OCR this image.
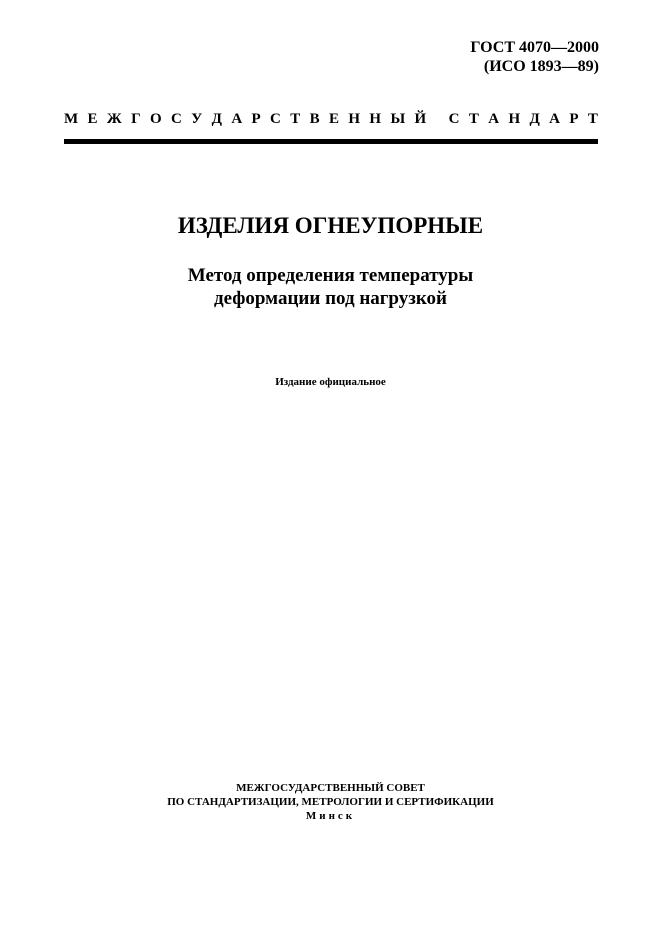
ГОСТ 4070—2000
(ИСО 1893—89)
М Е Ж Г О С У Д А Р С Т В Е Н Н Ы Й
С Т А Н Д А Р Т
ИЗДЕЛИЯ ОГНЕУПОРНЫЕ
Метод определения температуры
деформации под нагрузкой
Издание официальное
МЕЖГОСУДАРСТВЕННЫЙ СОВЕТ
ПО СТАНДАРТИЗАЦИИ, МЕТРОЛОГИИ И СЕРТИФИКАЦИИ
Минск
